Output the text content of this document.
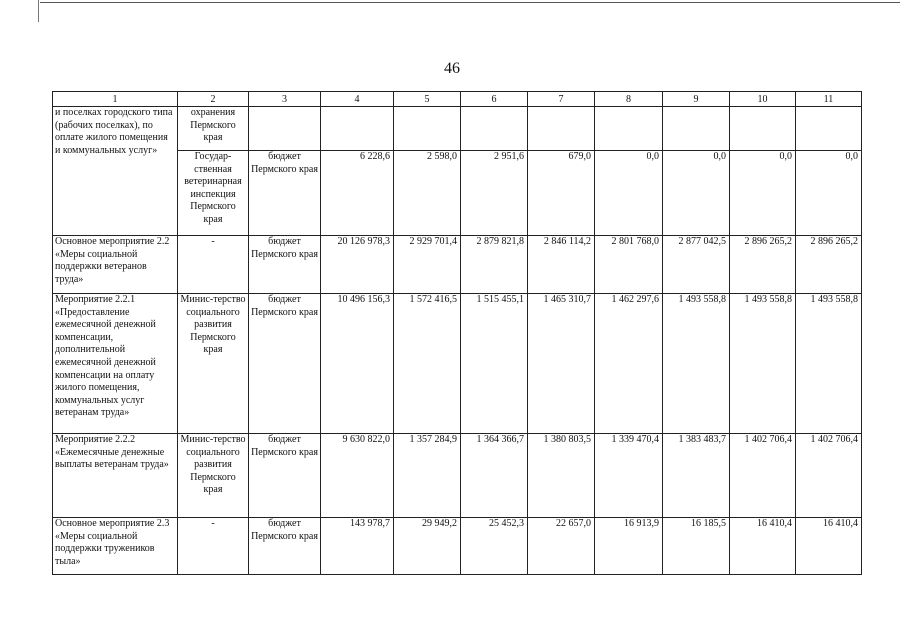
46
1	2	3	4	5	6	7	8	9	10	11
и поселках городского типа (рабочих поселках), по оплате жилого помещения и коммунальных услуг»	охранения Пермского края									
	Государ-ственная ветеринарная инспекция Пермского края	бюджет Пермского края	6 228,6	2 598,0	2 951,6	679,0	0,0	0,0	0,0	0,0
Основное мероприятие 2.2 «Меры социальной поддержки ветеранов труда»	-	бюджет Пермского края	20 126 978,3	2 929 701,4	2 879 821,8	2 846 114,2	2 801 768,0	2 877 042,5	2 896 265,2	2 896 265,2
Мероприятие 2.2.1 «Предоставление ежемесячной денежной компенсации, дополнительной ежемесячной денежной компенсации на оплату жилого помещения, коммунальных услуг ветеранам труда»	Минис-терство социального развития Пермского края	бюджет Пермского края	10 496 156,3	1 572 416,5	1 515 455,1	1 465 310,7	1 462 297,6	1 493 558,8	1 493 558,8	1 493 558,8
Мероприятие 2.2.2 «Ежемесячные денежные выплаты ветеранам труда»	Минис-терство социального развития Пермского края	бюджет Пермского края	9 630 822,0	1 357 284,9	1 364 366,7	1 380 803,5	1 339 470,4	1 383 483,7	1 402 706,4	1 402 706,4
Основное мероприятие 2.3 «Меры социальной поддержки тружеников тыла»	-	бюджет Пермского края	143 978,7	29 949,2	25 452,3	22 657,0	16 913,9	16 185,5	16 410,4	16 410,4
